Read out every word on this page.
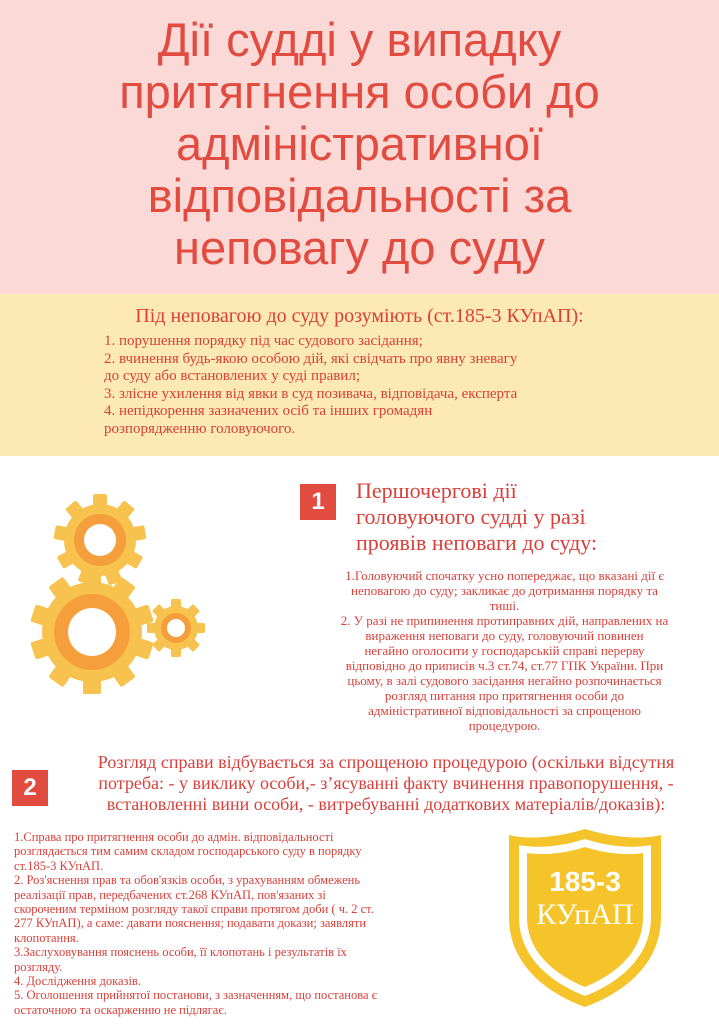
Дії судді у випадку
притягнення особи до
адміністративної
відповідальності за
неповагу до суду
Під неповагою до суду розуміють (ст.185-3 КУпАП):
1. порушення порядку під час судового засідання;
2. вчинення будь-якою особою дій, які свідчать про явну зневагу
до суду або встановлених у суді правил;
3. злісне ухилення від явки в суд позивача, відповідача, експерта
4. непідкорення зазначених осіб та інших громадян
розпорядженню головуючого.
1	Першочергові дії
головуючого судді у разі
проявів неповаги до суду:
1.Головуючий спочатку усно попереджає, що вказані дії є
неповагою до суду; закликає до дотримання порядку та
тиші.
2. У разі не припинення протиправних дій, направлених на
вираження неповаги до суду, головуючий повинен
негайно оголосити у господарській справі перерву
відповідно до приписів ч.3 ст.74, ст.77 ГПК України. При
цьому, в залі судового засідання негайно розпочинається
розгляд питання про притягнення особи до
адміністративної відповідальності за спрощеною
процедурою.
2
Розгляд справи відбувається за спрощеною процедурою (оскільки відсутня
потреба: - у виклику особи,- з’ясуванні факту вчинення правопорушення, -
встановленні вини особи, - витребуванні додаткових матеріалів/доказів):
1.Справа про притягнення особи до адмін. відповідальності
розглядається тим самим складом господарського суду в порядку
ст.185-3 КУпАП.
2. Роз'яснення прав та обов'язків особи, з урахуванням обмежень
реалізації прав, передбачених ст.268 КУпАП, пов'язаних зі
скороченим терміном розгляду такої справи протягом доби ( ч. 2 ст.
277 КУпАП), а саме: давати пояснення; подавати докази; заявляти
клопотання.
3.Заслуховування пояснень особи, її клопотань і результатів їх
розгляду.
4. Дослідження доказів.
5. Оголошення прийнятої постанови, з зазначенням, що постанова є
остаточною та оскарженню не підлягає.
185-3
КУпАП
